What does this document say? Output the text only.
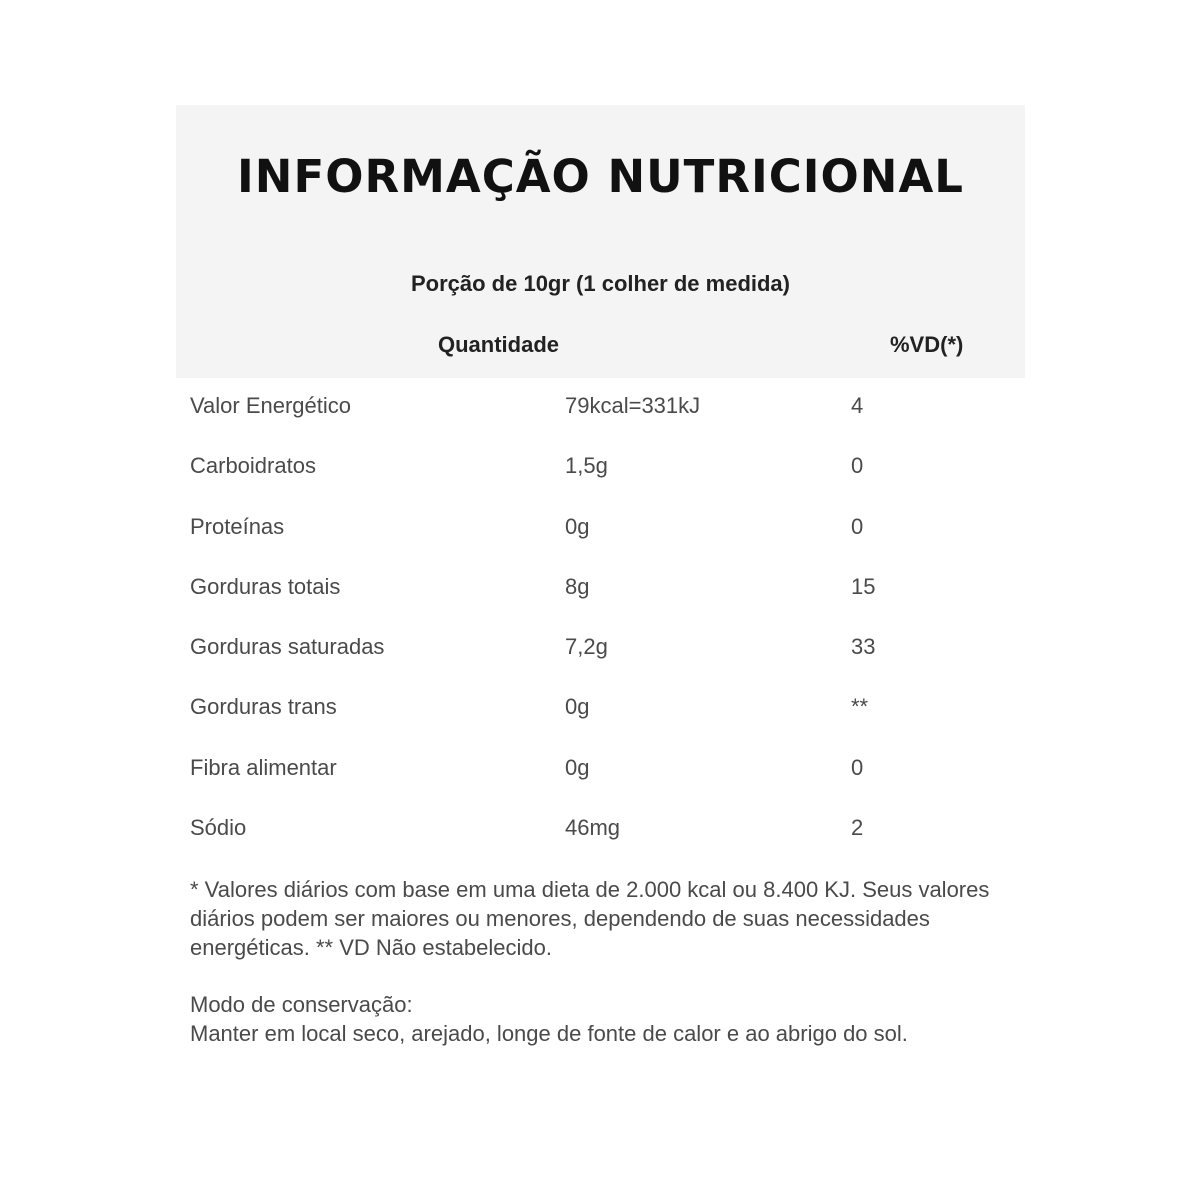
INFORMAÇÃO NUTRICIONAL
Porção de 10gr (1 colher de medida)
Quantidade	%VD(*)
Valor Energético	79kcal=331kJ	4
Carboidratos	1,5g	0
Proteínas	0g	0
Gorduras totais	8g	15
Gorduras saturadas	7,2g	33
Gorduras trans	0g	**
Fibra alimentar	0g	0
Sódio	46mg	2
* Valores diários com base em uma dieta de 2.000 kcal ou 8.400 KJ. Seus valores diários podem ser maiores ou menores, dependendo de suas necessidades energéticas. ** VD Não estabelecido.
Modo de conservação:
Manter em local seco, arejado, longe de fonte de calor e ao abrigo do sol.
